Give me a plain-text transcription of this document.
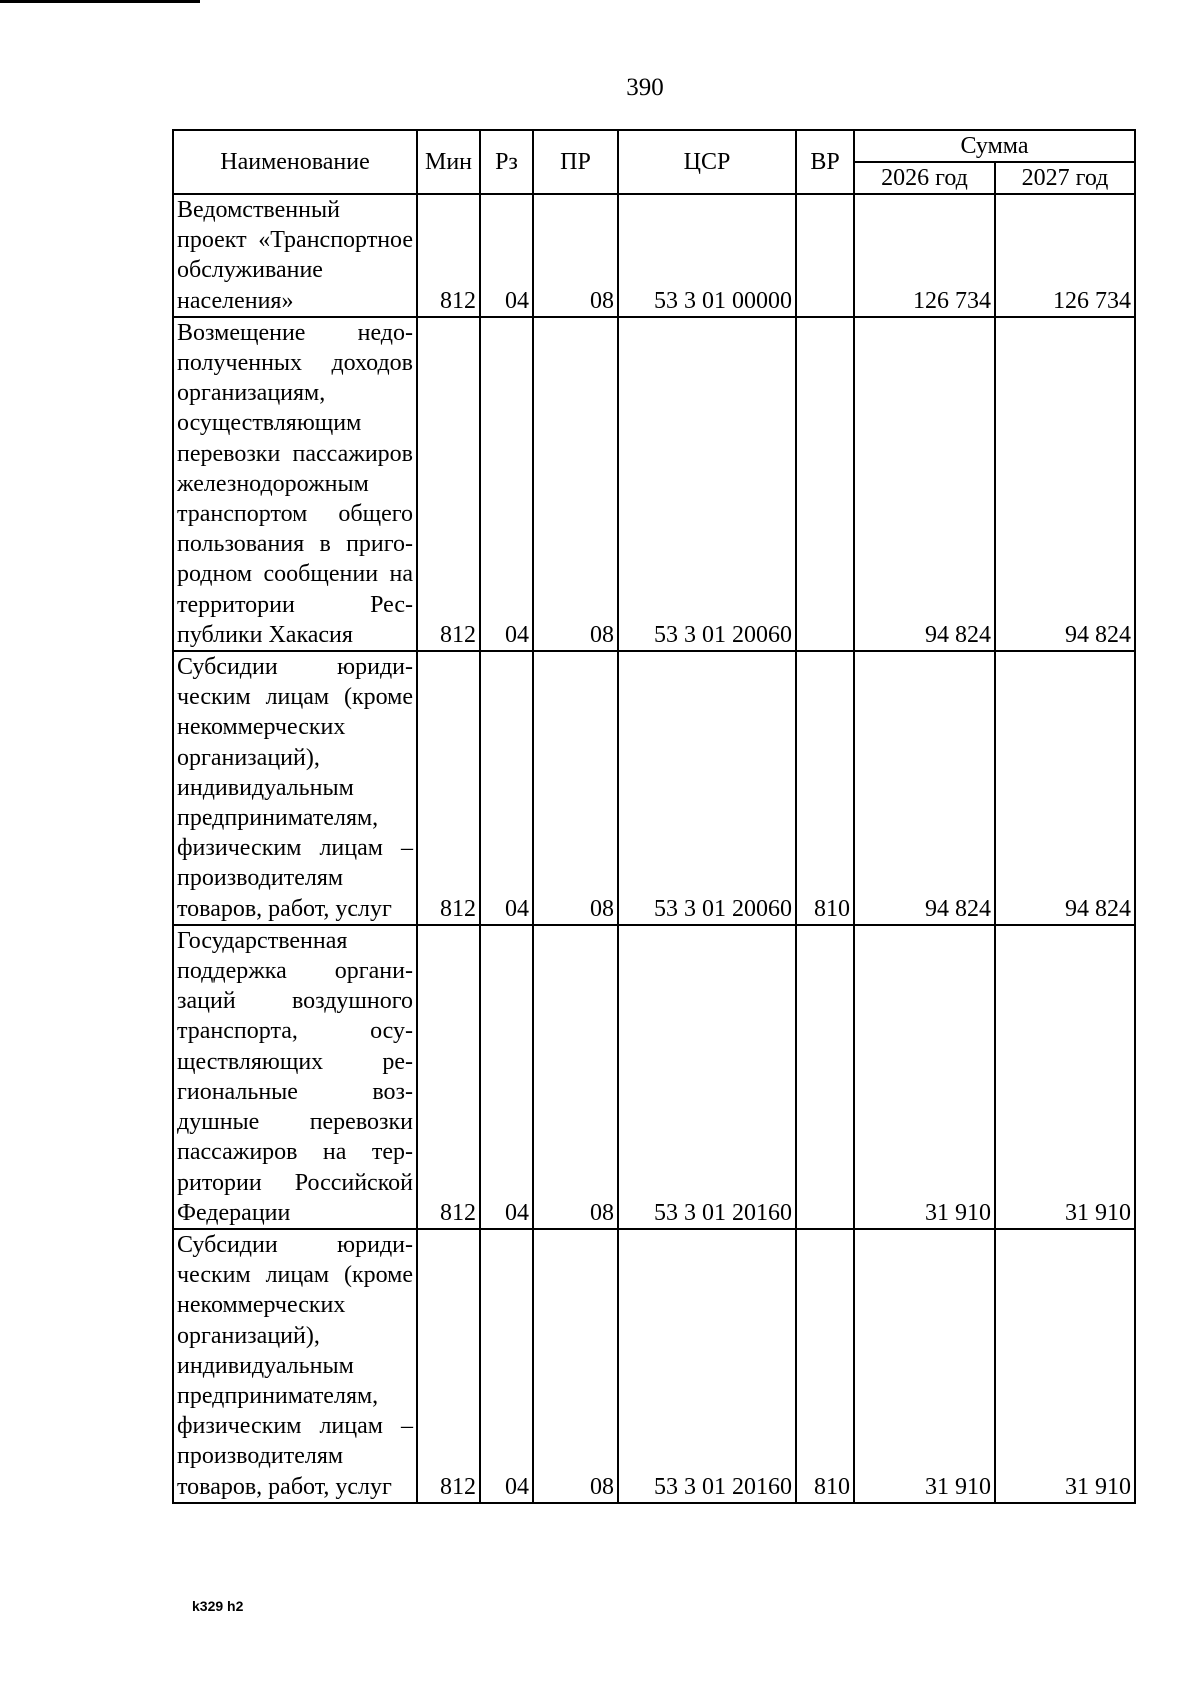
390
Наименование	Мин	Рз	ПР	ЦСР	ВР	Сумма	
						2026 год	2027 год
Ведомственный проект «Транспортное обслуживание населения»	812	04	08	53 3 01 00000		126 734	126 734
Возмещение недополученных доходов организациям, осуществляющим перевозки пассажиров железнодорожным транспортом общего пользования в пригородном сообщении на территории Республики Хакасия	812	04	08	53 3 01 20060		94 824	94 824
Субсидии юридическим лицам (кроме некоммерческих организаций), индивидуальным предпринимателям, физическим лицам – производителям товаров, работ, услуг	812	04	08	53 3 01 20060	810	94 824	94 824
Государственная поддержка организаций воздушного транспорта, осуществляющих региональные воздушные перевозки пассажиров на территории Российской Федерации	812	04	08	53 3 01 20160		31 910	31 910
Субсидии юридическим лицам (кроме некоммерческих организаций), индивидуальным предпринимателям, физическим лицам – производителям товаров, работ, услуг	812	04	08	53 3 01 20160	810	31 910	31 910
k329 h2
